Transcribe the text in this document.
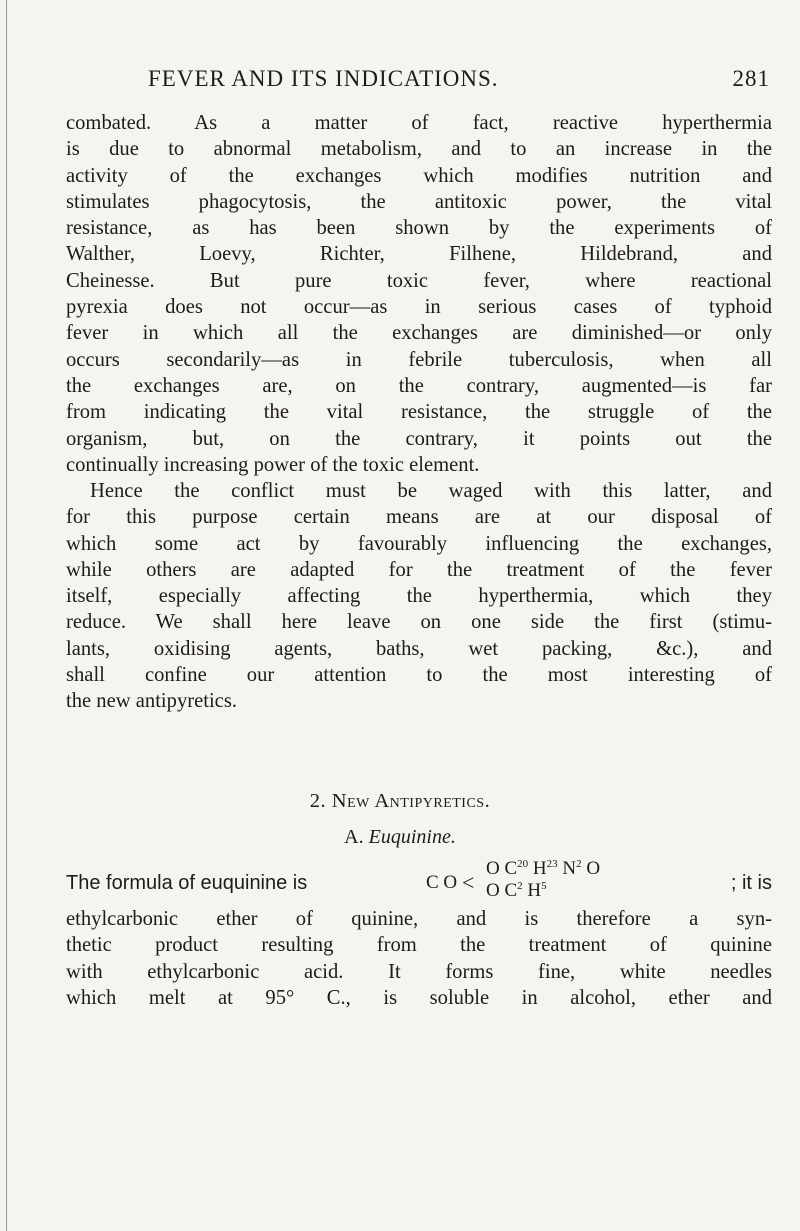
FEVER AND ITS INDICATIONS.	281
combated. As a matter of fact, reactive hyperthermia
is due to abnormal metabolism, and to an increase in the
activity of the exchanges which modifies nutrition and
stimulates phagocytosis, the antitoxic power, the vital
resistance, as has been shown by the experiments of
Walther, Loevy, Richter, Filhene, Hildebrand, and
Cheinesse. But pure toxic fever, where reactional
pyrexia does not occur—as in serious cases of typhoid
fever in which all the exchanges are diminished—or only
occurs secondarily—as in febrile tuberculosis, when all
the exchanges are, on the contrary, augmented—is far
from indicating the vital resistance, the struggle of the
organism, but, on the contrary, it points out the
continually increasing power of the toxic element.
Hence the conflict must be waged with this latter, and
for this purpose certain means are at our disposal of
which some act by favourably influencing the exchanges,
while others are adapted for the treatment of the fever
itself, especially affecting the hyperthermia, which they
reduce. We shall here leave on one side the first (stimu-
lants, oxidising agents, baths, wet packing, &c.), and
shall confine our attention to the most interesting of
the new antipyretics.
2. New Antipyretics.
A. Euquinine.
The formula of euquinine is	C O <
O $C^{20}$ $H^{23}$ $N^2$ O
O $C^2$ $H^5$	; it is
ethylcarbonic ether of quinine, and is therefore a syn-
thetic product resulting from the treatment of quinine
with ethylcarbonic acid. It forms fine, white needles
which melt at 95° C., is soluble in alcohol, ether and
